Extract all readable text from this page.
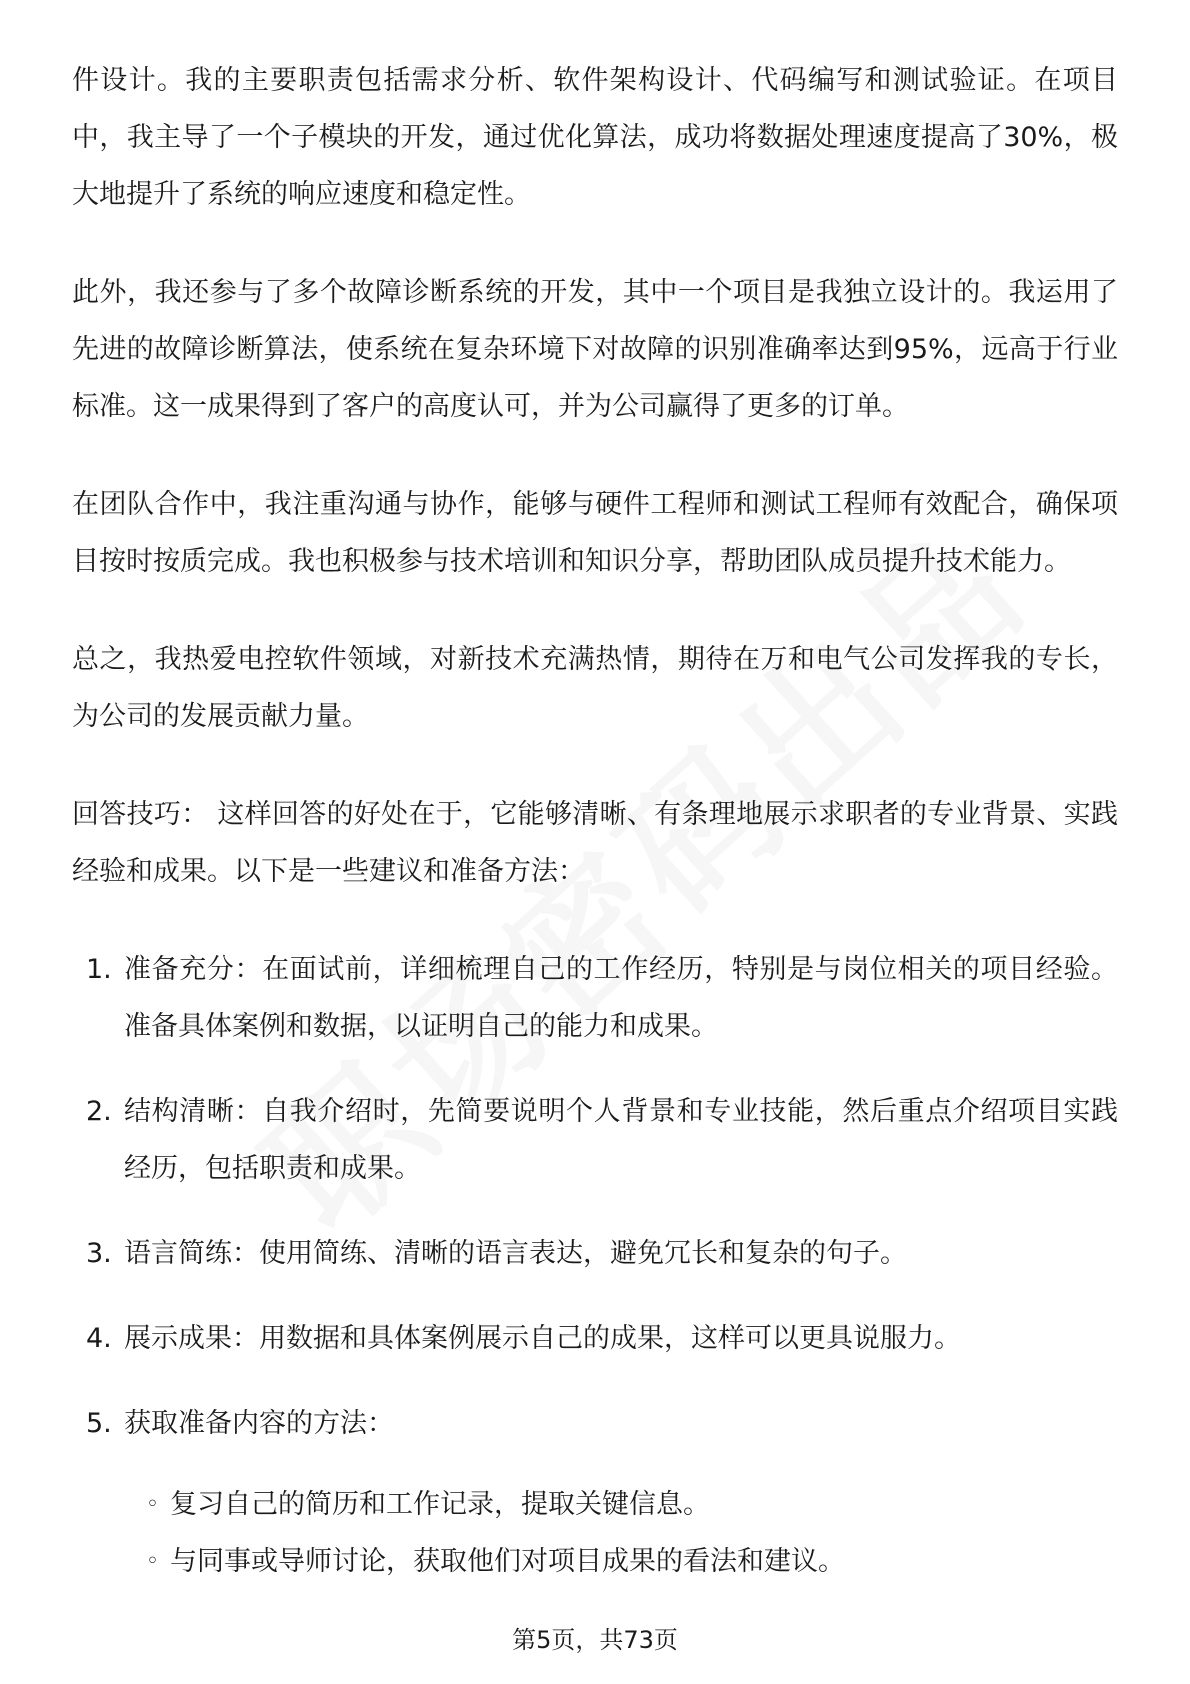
件设计。我的主要职责包括需求分析、软件架构设计、代码编写和测试验证。在项目中，我主导了一个子模块的开发，通过优化算法，成功将数据处理速度提高了30%，极大地提升了系统的响应速度和稳定性。

此外，我还参与了多个故障诊断系统的开发，其中一个项目是我独立设计的。我运用了先进的故障诊断算法，使系统在复杂环境下对故障的识别准确率达到95%，远高于行业标准。这一成果得到了客户的高度认可，并为公司赢得了更多的订单。

在团队合作中，我注重沟通与协作，能够与硬件工程师和测试工程师有效配合，确保项目按时按质完成。我也积极参与技术培训和知识分享，帮助团队成员提升技术能力。

总之，我热爱电控软件领域，对新技术充满热情，期待在万和电气公司发挥我的专长，为公司的发展贡献力量。

回答技巧： 这样回答的好处在于，它能够清晰、有条理地展示求职者的专业背景、实践经验和成果。以下是一些建议和准备方法：

1. 准备充分：在面试前，详细梳理自己的工作经历，特别是与岗位相关的项目经验。准备具体案例和数据，以证明自己的能力和成果。
2. 结构清晰：自我介绍时，先简要说明个人背景和专业技能，然后重点介绍项目实践经历，包括职责和成果。
3. 语言简练：使用简练、清晰的语言表达，避免冗长和复杂的句子。
4. 展示成果：用数据和具体案例展示自己的成果，这样可以更具说服力。
5. 获取准备内容的方法：
◦ 复习自己的简历和工作记录，提取关键信息。
◦ 与同事或导师讨论，获取他们对项目成果的看法和建议。
第5页，共73页
